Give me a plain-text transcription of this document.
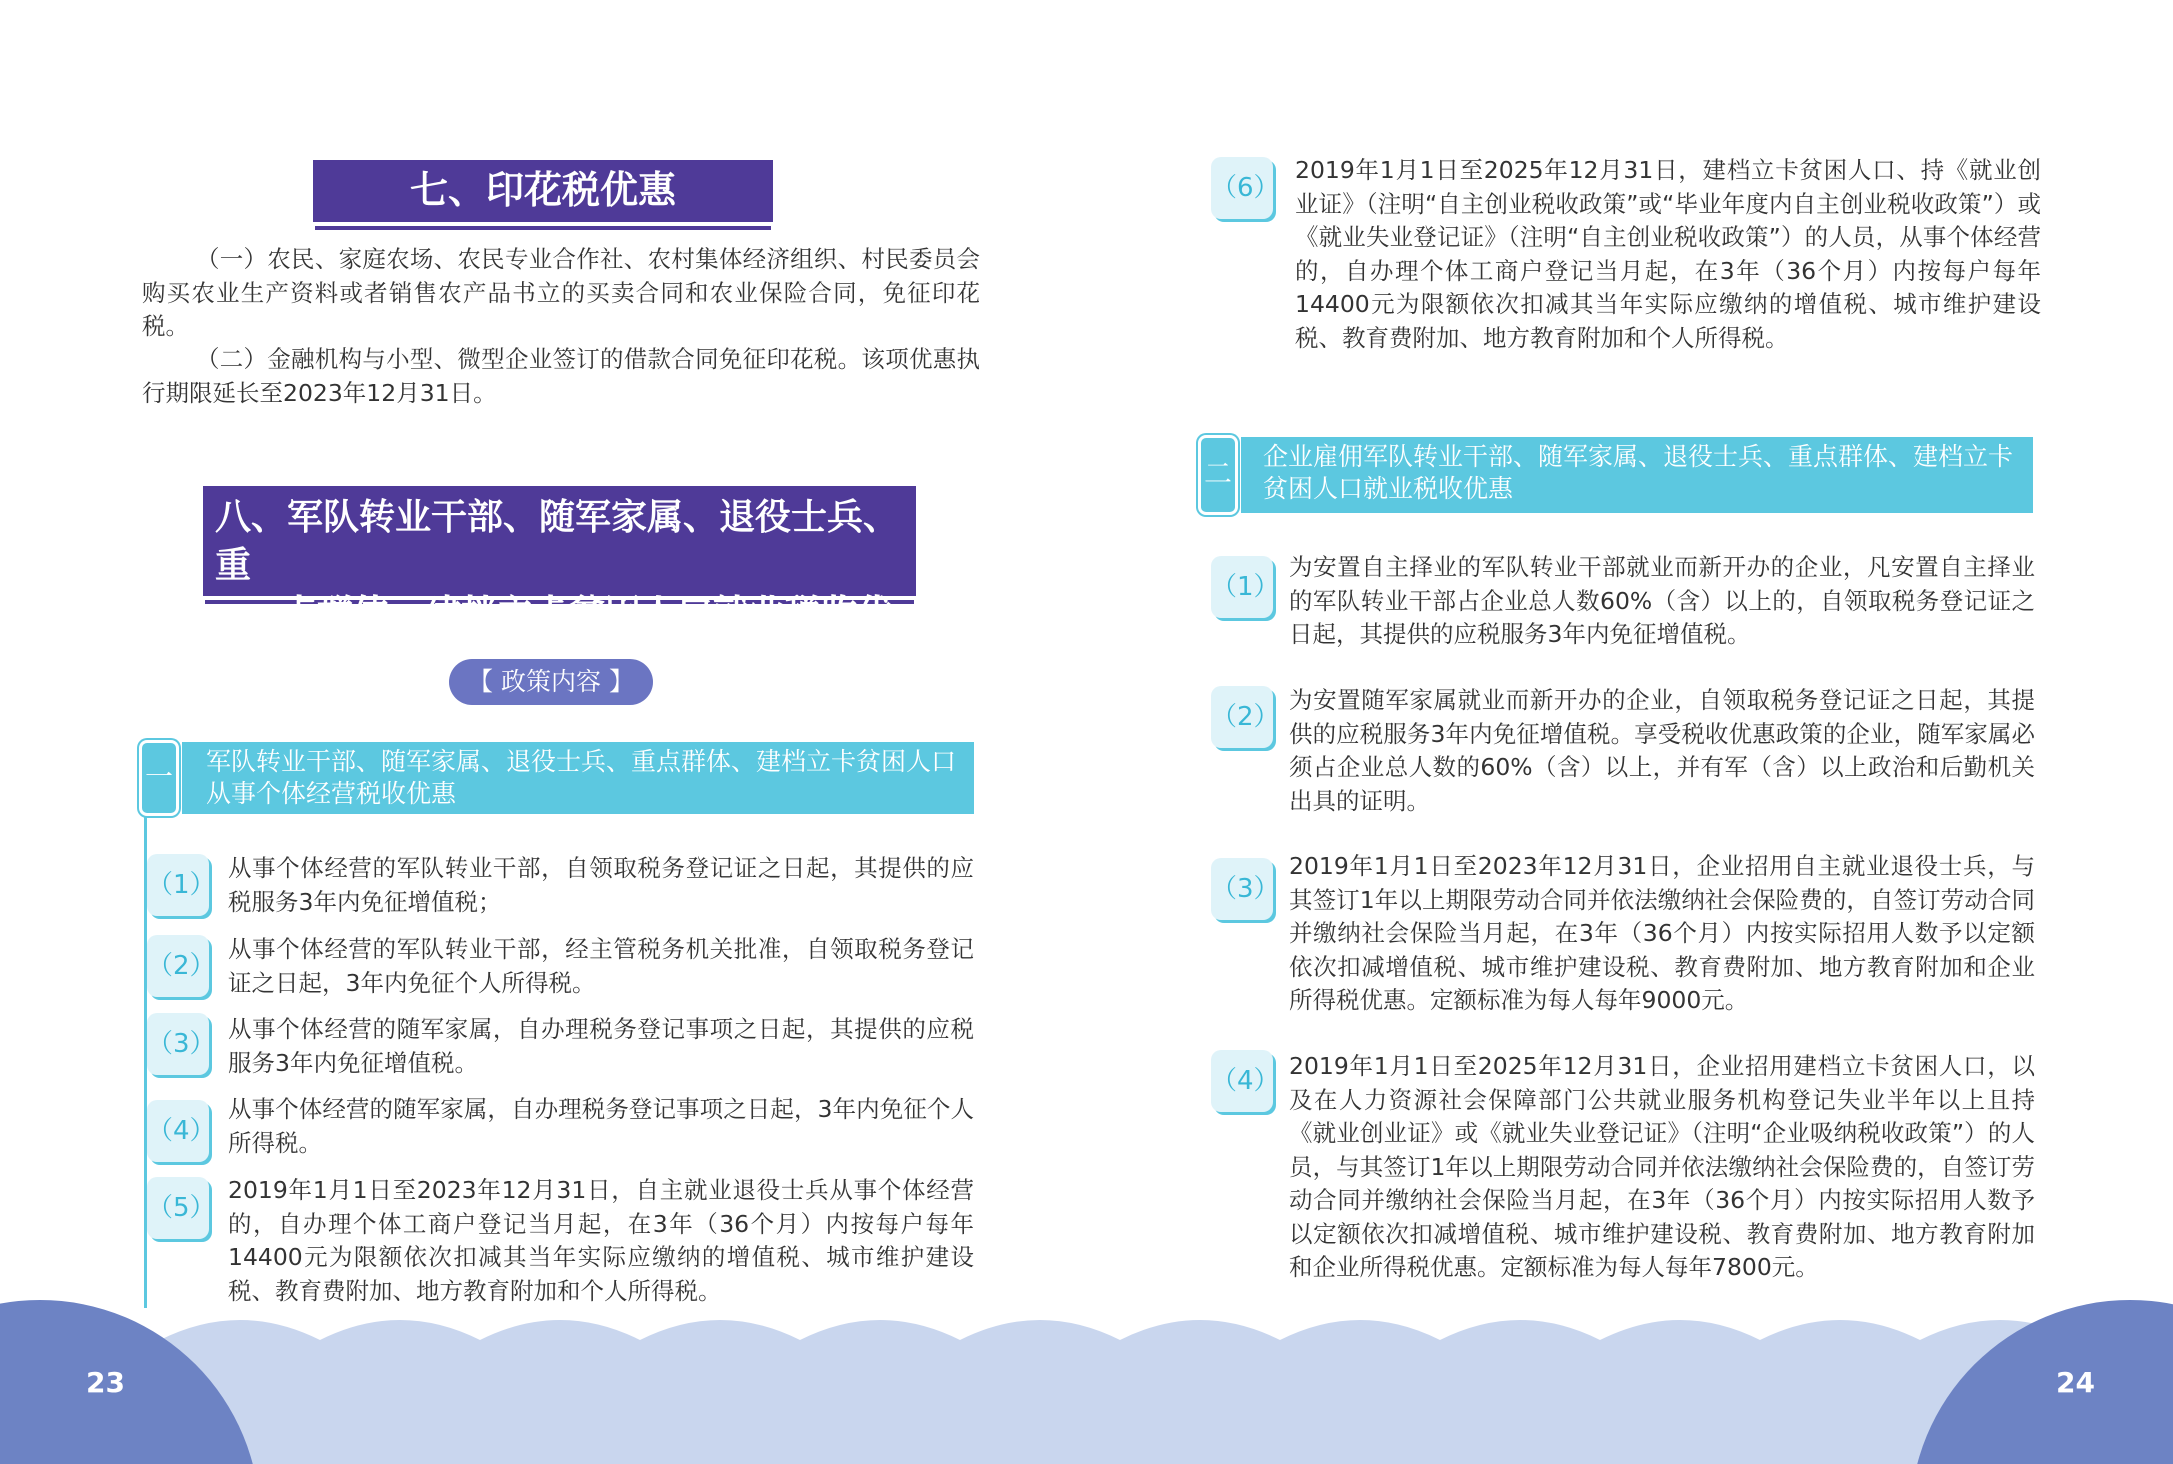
七、印花税优惠

（一）农民、家庭农场、农民专业合作社、农村集体经济组织、村民委员会购买农业生产资料或者销售农产品书立的买卖合同和农业保险合同，免征印花税。

（二）金融机构与小型、微型企业签订的借款合同免征印花税。该项优惠执行期限延长至2023年12月31日。

八、军队转业干部、随军家属、退役士兵、重
点群体、建档立卡贫困人口就业税收优惠	【 政策内容 】
一	军队转业干部、随军家属、退役士兵、重点群体、建档立卡贫困人口从事个体经营税收优惠
（1）

从事个体经营的军队转业干部，自领取税务登记证之日起，其提供的应税服务3年内免征增值税；

（2）

从事个体经营的军队转业干部，经主管税务机关批准，自领取税务登记证之日起，3年内免征个人所得税。

（3） 从事个体经营的随军家属，自办理税务登记事项之日起，其提供的应税服务3年内免征增值税。

（4）

从事个体经营的随军家属，自办理税务登记事项之日起，3年内免征个人所得税。

（5）

2019年1月1日至2023年12月31日，自主就业退役士兵从事个体经营的，自办理个体工商户登记当月起，在3年（36个月）内按每户每年14400元为限额依次扣减其当年实际应缴纳的增值税、城市维护建设税、教育费附加、地方教育附加和个人所得税。

（6）

2019年1月1日至2025年12月31日，建档立卡贫困人口、持《就业创业证》（注明“自主创业税收政策”或“毕业年度内自主创业税收政策”）或《就业失业登记证》（注明“自主创业税收政策”）的人员，从事个体经营的，自办理个体工商户登记当月起，在3年（36个月）内按每户每年14400元为限额依次扣减其当年实际应缴纳的增值税、城市维护建设税、教育费附加、地方教育附加和个人所得税。

二
企业雇佣军队转业干部、随军家属、退役士兵、重点群体、建档立卡贫困人口就业税收优惠
（1）

为安置自主择业的军队转业干部就业而新开办的企业，凡安置自主择业的军队转业干部占企业总人数60%（含）以上的，自领取税务登记证之日起，其提供的应税服务3年内免征增值税。

（2）

为安置随军家属就业而新开办的企业，自领取税务登记证之日起，其提供的应税服务3年内免征增值税。享受税收优惠政策的企业，随军家属必须占企业总人数的60%（含）以上，并有军（含）以上政治和后勤机关出具的证明。

（3）

2019年1月1日至2023年12月31日，企业招用自主就业退役士兵，与其签订1年以上期限劳动合同并依法缴纳社会保险费的，自签订劳动合同并缴纳社会保险当月起，在3年（36个月）内按实际招用人数予以定额依次扣减增值税、城市维护建设税、教育费附加、地方教育附加和企业所得税优惠。定额标准为每人每年9000元。

（4） 2019年1月1日至2025年12月31日，企业招用建档立卡贫困人口，以及在人力资源社会保障部门公共就业服务机构登记失业半年以上且持《就业创业证》或《就业失业登记证》（注明“企业吸纳税收政策”）的人员，与其签订1年以上期限劳动合同并依法缴纳社会保险费的，自签订劳动合同并缴纳社会保险当月起，在3年（36个月）内按实际招用人数予以定额依次扣减增值税、城市维护建设税、教育费附加、地方教育附加和企业所得税优惠。定额标准为每人每年7800元。

23	24
